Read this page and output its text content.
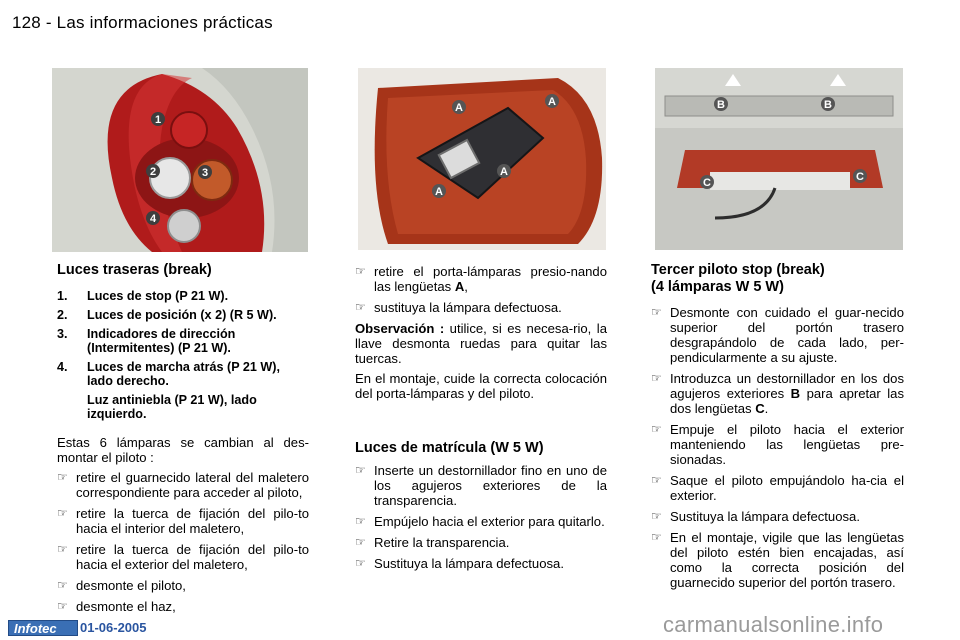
128 - Las informaciones prácticas
1
2	3
4
A	A
A
A
B	B
C	C
Luces traseras (break)
1. Luces de stop (P 21 W).
2. Luces de posición (x 2) (R 5 W).
3. Indicadores de dirección (Intermitentes) (P 21 W).
4. Luces de marcha atrás (P 21 W), lado derecho.
Luz antiniebla (P 21 W), lado izquierdo.

Estas 6 lámparas se cambian al des-montar el piloto :

☞ retire el guarnecido lateral del maletero correspondiente para acceder al piloto,
☞ retire la tuerca de fijación del pilo-to hacia el interior del maletero,
☞ retire la tuerca de fijación del pilo-to hacia el exterior del maletero,
☞ desmonte el piloto,
☞ desmonte el haz,
☞ retire el porta-lámparas presio-nando las lengüetas A,
☞ sustituya la lámpara defectuosa.

Observación : utilice, si es necesa-rio, la llave desmonta ruedas para quitar las tuercas.

En el montaje, cuide la correcta colocación del porta-lámparas y del piloto.

Luces de matrícula (W 5 W)
☞ Inserte un destornillador fino en uno de los agujeros exteriores de la transparencia.
☞ Empújelo hacia el exterior para quitarlo.
☞ Retire la transparencia.
☞ Sustituya la lámpara defectuosa.
Tercer piloto stop (break)
(4 lámparas W 5 W)
☞ Desmonte con cuidado el guar-necido superior del portón trasero desgrapándolo de cada lado, per-pendicularmente a su ajuste.
☞ Introduzca un destornillador en los dos agujeros exteriores B para apretar las dos lengüetas C.
☞ Empuje el piloto hacia el exterior manteniendo las lengüetas pre-sionadas.
☞ Saque el piloto empujándolo ha-cia el exterior.
☞ Sustituya la lámpara defectuosa.
☞ En el montaje, vigile que las lengüetas del piloto estén bien encajadas, así como la correcta posición del guarnecido superior del portón trasero.
Infotec 01-06-2005	carmanualsonline.info
